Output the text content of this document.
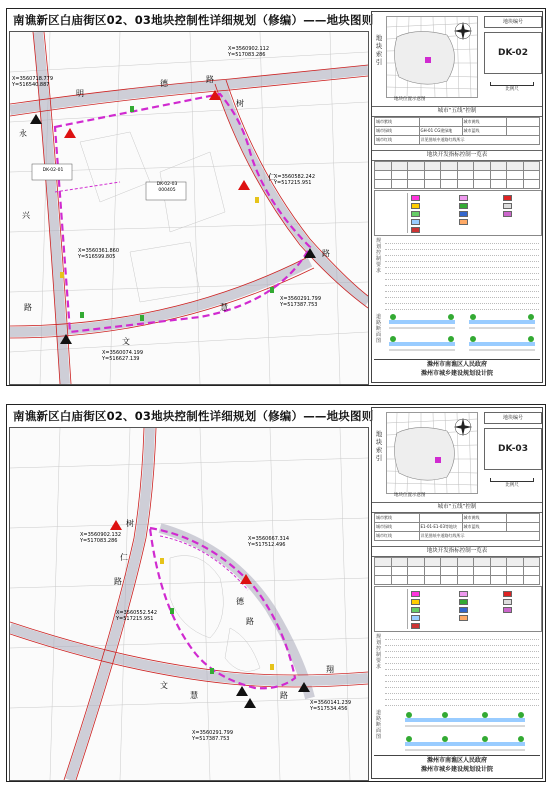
南谯新区白庙街区02、03地块控制性详细规划（修编）——地块图则
DK-02-03
000405
DK-02-01
X=3560902.112
Y=517083.286
X=3560718.779
Y=516540.887
X=3560582.242
Y=517215.951
X=3560361.860
Y=516599.805
X=3560291.799
Y=517387.753
X=3560074.199
Y=516627.139
明
德	路
永
兴
路
树
仁
路
慧
文
地块索引
地块位置示意图
地块编号
DK-02
比例尺
城市“五线”控制
城市紫线		城市黄线	
城市绿线	GH-01 CG建绿地	城市蓝线	
城市红线	详见图纸中道路红线所示		
地块开发指标控制一览表

规划控制要求
道路断面图
滁州市南谯区人民政府
滁州市城乡建设规划设计院
南谯新区白庙街区02、03地块控制性详细规划（修编）——地块图则
X=3560667.314
Y=517512.496
X=3560902.132
Y=517083.286
X=3560552.542
Y=517215.951
X=3560141.239
Y=517534.456
X=3560291.799
Y=517387.753
树
仁
路
德
路
慧
文
路
翔
地块索引
地块位置示意图
地块编号
DK-03
比例尺
城市“五线”控制
城市紫线		城市黄线	
城市绿线	E1-01·E1-03等地块	城市蓝线	
城市红线	详见图纸中道路红线所示		
地块开发指标控制一览表

规划控制要求
道路断面图
滁州市南谯区人民政府
滁州市城乡建设规划设计院
